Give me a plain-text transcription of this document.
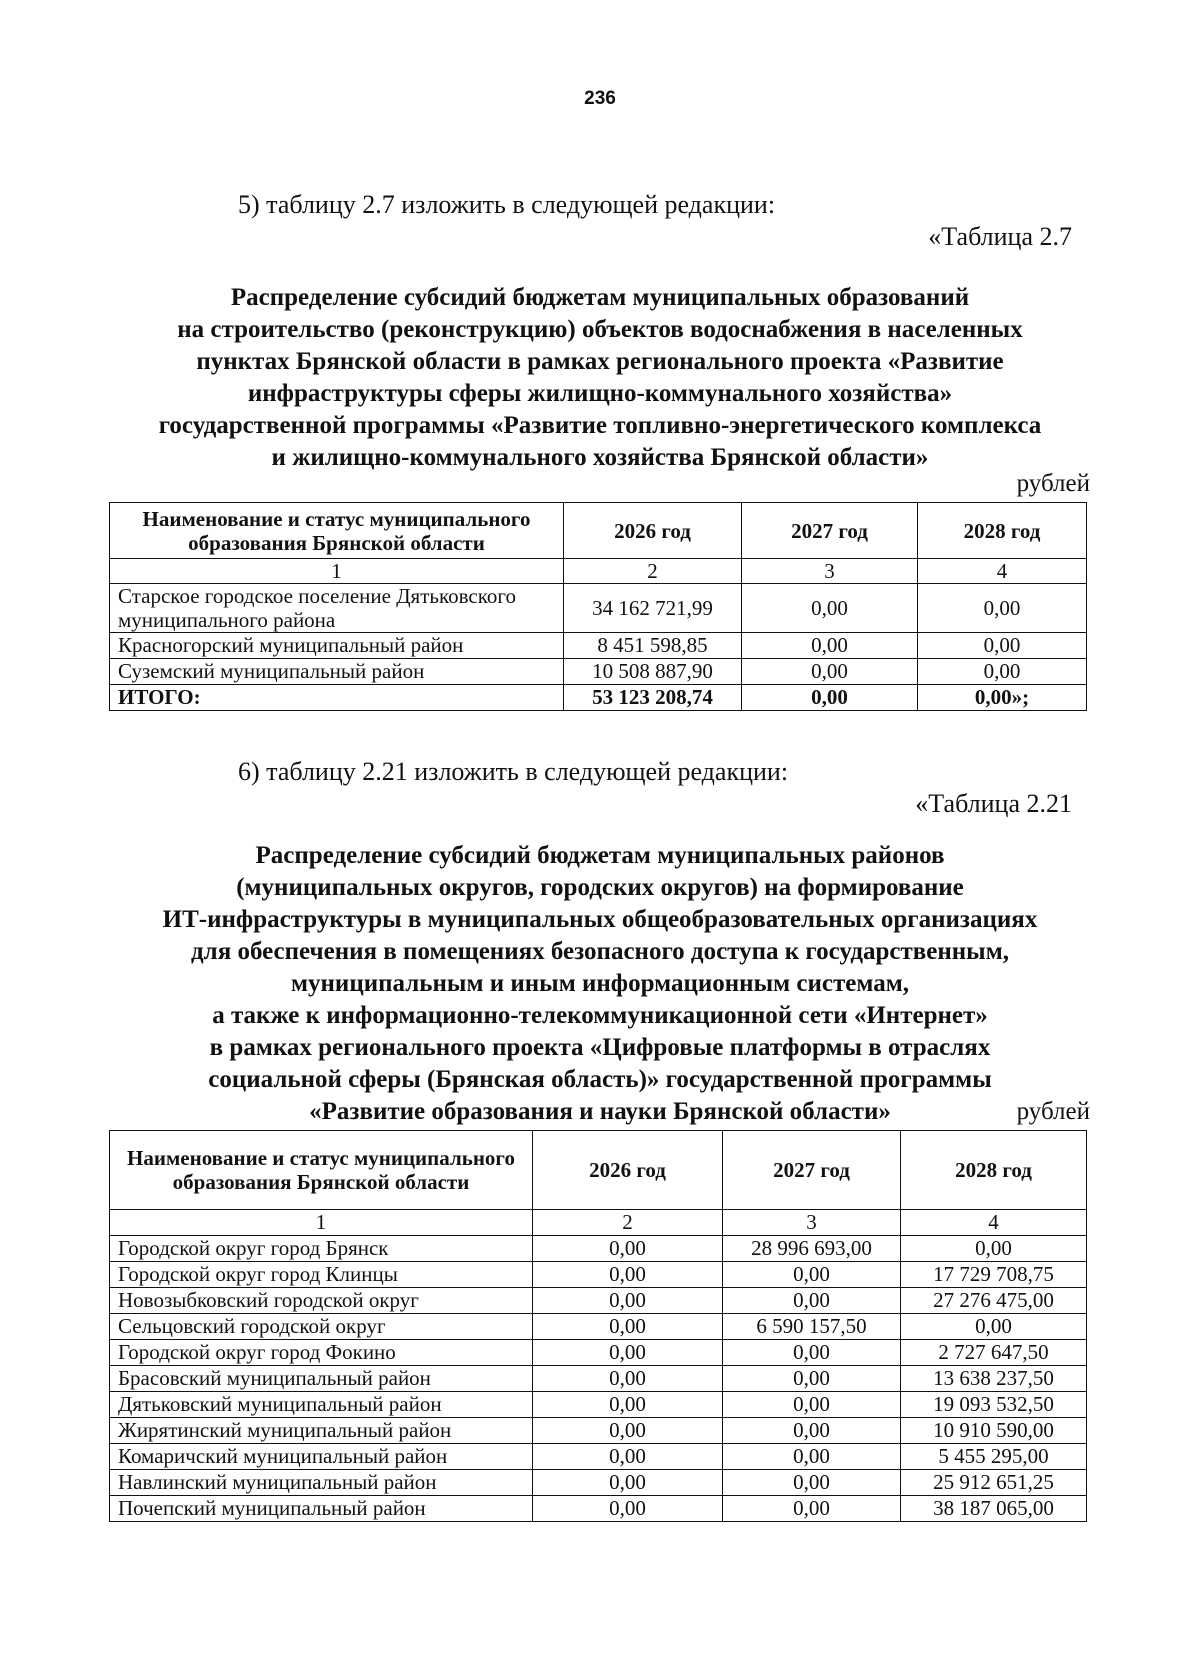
236
5) таблицу 2.7 изложить в следующей редакции:
«Таблица 2.7
Распределение субсидий бюджетам муниципальных образований
на строительство (реконструкцию) объектов водоснабжения в населенных
пунктах Брянской области в рамках регионального проекта «Развитие
инфраструктуры сферы жилищно-коммунального хозяйства»
государственной программы «Развитие топливно-энергетического комплекса
и жилищно-коммунального хозяйства Брянской области»
рублей
Наименование и статус муниципального образования Брянской области	2026 год	2027 год	2028 год
1	2	3	4
Старское городское поселение Дятьковского муниципального района	34 162 721,99	0,00	0,00
Красногорский муниципальный район	8 451 598,85	0,00	0,00
Суземский муниципальный район	10 508 887,90	0,00	0,00
ИТОГО:	53 123 208,74	0,00	0,00»;
6) таблицу 2.21 изложить в следующей редакции:
«Таблица 2.21
Распределение субсидий бюджетам муниципальных районов
(муниципальных округов, городских округов) на формирование
ИТ-инфраструктуры в муниципальных общеобразовательных организациях
для обеспечения в помещениях безопасного доступа к государственным,
муниципальным и иным информационным системам,
а также к информационно-телекоммуникационной сети «Интернет»
в рамках регионального проекта «Цифровые платформы в отраслях
социальной сферы (Брянская область)» государственной программы
«Развитие образования и науки Брянской области»	рублей
Наименование и статус муниципального образования Брянской области	2026 год	2027 год	2028 год
1	2	3	4
Городской округ город Брянск	0,00	28 996 693,00	0,00
Городской округ город Клинцы	0,00	0,00	17 729 708,75
Новозыбковский городской округ	0,00	0,00	27 276 475,00
Сельцовский городской округ	0,00	6 590 157,50	0,00
Городской округ город Фокино	0,00	0,00	2 727 647,50
Брасовский муниципальный район	0,00	0,00	13 638 237,50
Дятьковский муниципальный район	0,00	0,00	19 093 532,50
Жирятинский муниципальный район	0,00	0,00	10 910 590,00
Комаричский муниципальный район	0,00	0,00	5 455 295,00
Навлинский муниципальный район	0,00	0,00	25 912 651,25
Почепский муниципальный район	0,00	0,00	38 187 065,00
